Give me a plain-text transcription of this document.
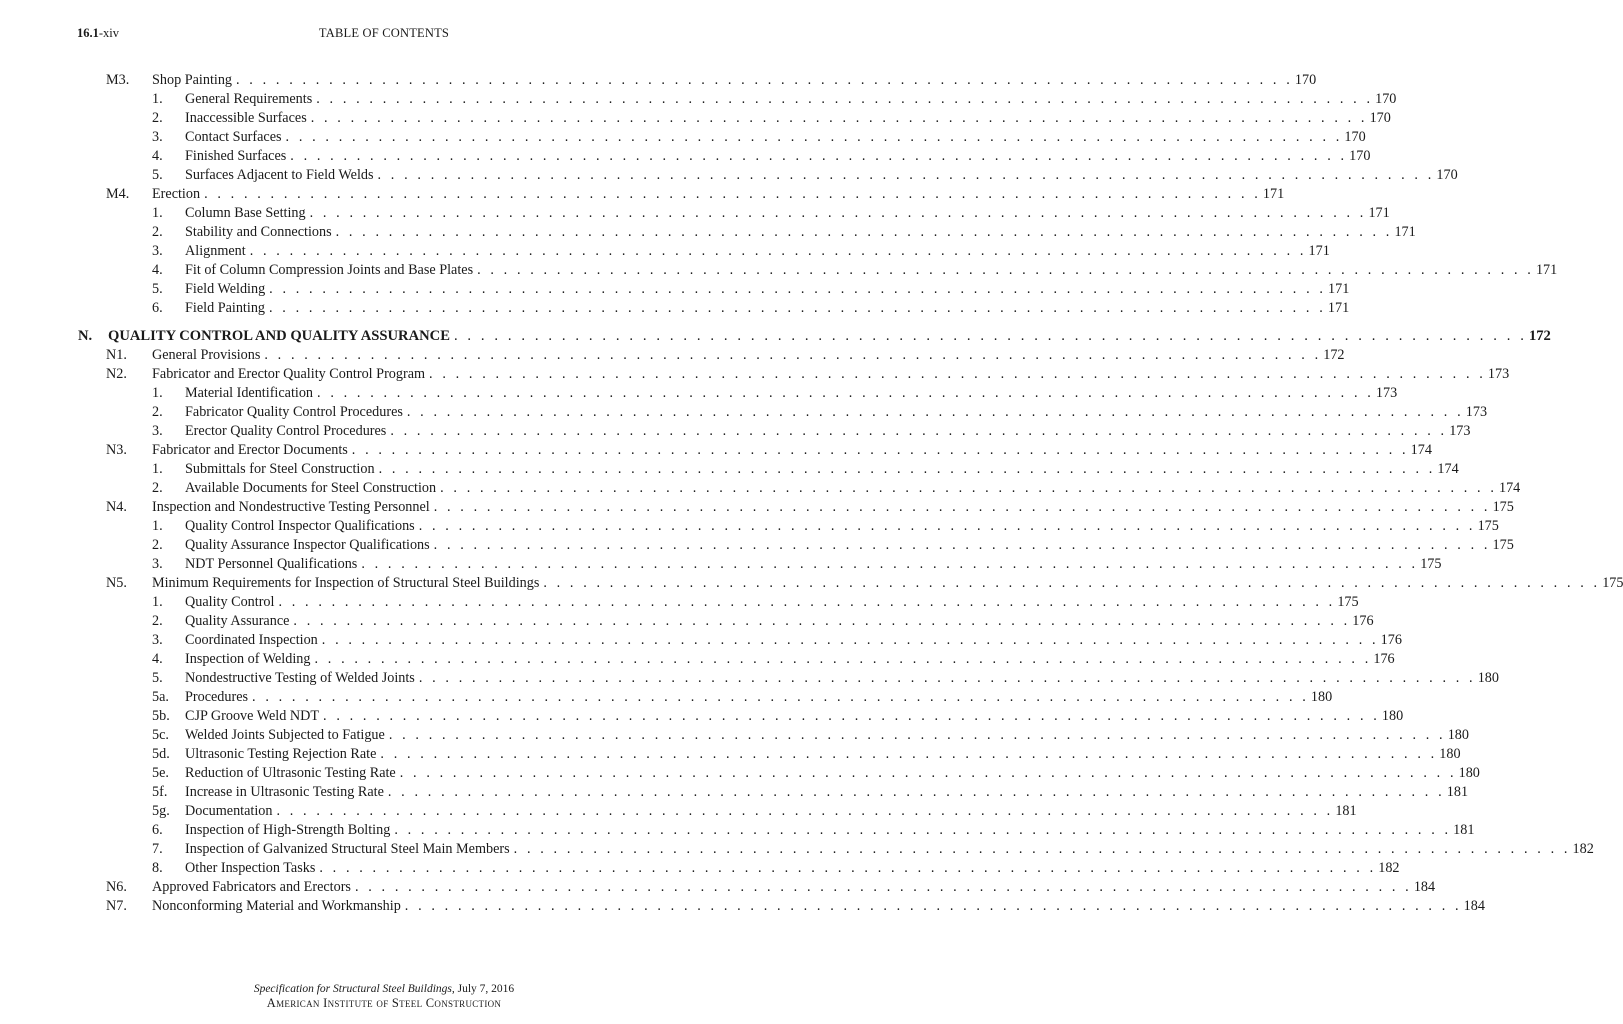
16.1-xiv	TABLE OF CONTENTS
M3. Shop Painting . . . . . . . . . . . . . . . . . . . . . . . . . . . . . . . . . . . . . . . . . . . . . . . . . . . . . . . . . . . . . . . . . . . . . . . . . . . . . . . . 170
1. General Requirements . . . . . . . . . . . . . . . . . . . . . . . . . . . . . . . . . . . . . . . . . . . . . . . . . . . . . . . . . . . . . . . . . . . . . . . . . . . . . . . . 170
2. Inaccessible Surfaces . . . . . . . . . . . . . . . . . . . . . . . . . . . . . . . . . . . . . . . . . . . . . . . . . . . . . . . . . . . . . . . . . . . . . . . . . . . . . . . . 170
3. Contact Surfaces . . . . . . . . . . . . . . . . . . . . . . . . . . . . . . . . . . . . . . . . . . . . . . . . . . . . . . . . . . . . . . . . . . . . . . . . . . . . . . . . 170
4. Finished Surfaces . . . . . . . . . . . . . . . . . . . . . . . . . . . . . . . . . . . . . . . . . . . . . . . . . . . . . . . . . . . . . . . . . . . . . . . . . . . . . . . . 170
5. Surfaces Adjacent to Field Welds . . . . . . . . . . . . . . . . . . . . . . . . . . . . . . . . . . . . . . . . . . . . . . . . . . . . . . . . . . . . . . . . . . . . . . . . . . . . . . . . 170
M4. Erection . . . . . . . . . . . . . . . . . . . . . . . . . . . . . . . . . . . . . . . . . . . . . . . . . . . . . . . . . . . . . . . . . . . . . . . . . . . . . . . . 171
1. Column Base Setting . . . . . . . . . . . . . . . . . . . . . . . . . . . . . . . . . . . . . . . . . . . . . . . . . . . . . . . . . . . . . . . . . . . . . . . . . . . . . . . . 171
2. Stability and Connections . . . . . . . . . . . . . . . . . . . . . . . . . . . . . . . . . . . . . . . . . . . . . . . . . . . . . . . . . . . . . . . . . . . . . . . . . . . . . . . . 171
3. Alignment . . . . . . . . . . . . . . . . . . . . . . . . . . . . . . . . . . . . . . . . . . . . . . . . . . . . . . . . . . . . . . . . . . . . . . . . . . . . . . . . 171
4. Fit of Column Compression Joints and Base Plates . . . . . . . . . . . . . . . . . . . . . . . . . . . . . . . . . . . . . . . . . . . . . . . . . . . . . . . . . . . . . . . . . . . . . . . . . . . . . . . . 171
5. Field Welding . . . . . . . . . . . . . . . . . . . . . . . . . . . . . . . . . . . . . . . . . . . . . . . . . . . . . . . . . . . . . . . . . . . . . . . . . . . . . . . . 171
6. Field Painting . . . . . . . . . . . . . . . . . . . . . . . . . . . . . . . . . . . . . . . . . . . . . . . . . . . . . . . . . . . . . . . . . . . . . . . . . . . . . . . . 171
N. QUALITY CONTROL AND QUALITY ASSURANCE . . . . . . . . . . . . . . . . . . . . . . . . . . . . . . . . . . . . . . . . . . . . . . . . . . . . . . . . . . . . . . . . . . . . . . . . . . . . . . . . 172
N1. General Provisions . . . . . . . . . . . . . . . . . . . . . . . . . . . . . . . . . . . . . . . . . . . . . . . . . . . . . . . . . . . . . . . . . . . . . . . . . . . . . . . . 172
N2. Fabricator and Erector Quality Control Program . . . . . . . . . . . . . . . . . . . . . . . . . . . . . . . . . . . . . . . . . . . . . . . . . . . . . . . . . . . . . . . . . . . . . . . . . . . . . . . . 173
1. Material Identification . . . . . . . . . . . . . . . . . . . . . . . . . . . . . . . . . . . . . . . . . . . . . . . . . . . . . . . . . . . . . . . . . . . . . . . . . . . . . . . . 173
2. Fabricator Quality Control Procedures . . . . . . . . . . . . . . . . . . . . . . . . . . . . . . . . . . . . . . . . . . . . . . . . . . . . . . . . . . . . . . . . . . . . . . . . . . . . . . . . 173
3. Erector Quality Control Procedures . . . . . . . . . . . . . . . . . . . . . . . . . . . . . . . . . . . . . . . . . . . . . . . . . . . . . . . . . . . . . . . . . . . . . . . . . . . . . . . . 173
N3. Fabricator and Erector Documents . . . . . . . . . . . . . . . . . . . . . . . . . . . . . . . . . . . . . . . . . . . . . . . . . . . . . . . . . . . . . . . . . . . . . . . . . . . . . . . . 174
1. Submittals for Steel Construction . . . . . . . . . . . . . . . . . . . . . . . . . . . . . . . . . . . . . . . . . . . . . . . . . . . . . . . . . . . . . . . . . . . . . . . . . . . . . . . . 174
2. Available Documents for Steel Construction . . . . . . . . . . . . . . . . . . . . . . . . . . . . . . . . . . . . . . . . . . . . . . . . . . . . . . . . . . . . . . . . . . . . . . . . . . . . . . . . 174
N4. Inspection and Nondestructive Testing Personnel . . . . . . . . . . . . . . . . . . . . . . . . . . . . . . . . . . . . . . . . . . . . . . . . . . . . . . . . . . . . . . . . . . . . . . . . . . . . . . . . 175
1. Quality Control Inspector Qualifications . . . . . . . . . . . . . . . . . . . . . . . . . . . . . . . . . . . . . . . . . . . . . . . . . . . . . . . . . . . . . . . . . . . . . . . . . . . . . . . . 175
2. Quality Assurance Inspector Qualifications . . . . . . . . . . . . . . . . . . . . . . . . . . . . . . . . . . . . . . . . . . . . . . . . . . . . . . . . . . . . . . . . . . . . . . . . . . . . . . . . 175
3. NDT Personnel Qualifications . . . . . . . . . . . . . . . . . . . . . . . . . . . . . . . . . . . . . . . . . . . . . . . . . . . . . . . . . . . . . . . . . . . . . . . . . . . . . . . . 175
N5. Minimum Requirements for Inspection of Structural Steel Buildings . . . . . . . . . . . . . . . . . . . . . . . . . . . . . . . . . . . . . . . . . . . . . . . . . . . . . . . . . . . . . . . . . . . . . . . . . . . . . . . . 175
1. Quality Control . . . . . . . . . . . . . . . . . . . . . . . . . . . . . . . . . . . . . . . . . . . . . . . . . . . . . . . . . . . . . . . . . . . . . . . . . . . . . . . . 175
2. Quality Assurance . . . . . . . . . . . . . . . . . . . . . . . . . . . . . . . . . . . . . . . . . . . . . . . . . . . . . . . . . . . . . . . . . . . . . . . . . . . . . . . . 176
3. Coordinated Inspection . . . . . . . . . . . . . . . . . . . . . . . . . . . . . . . . . . . . . . . . . . . . . . . . . . . . . . . . . . . . . . . . . . . . . . . . . . . . . . . . 176
4. Inspection of Welding . . . . . . . . . . . . . . . . . . . . . . . . . . . . . . . . . . . . . . . . . . . . . . . . . . . . . . . . . . . . . . . . . . . . . . . . . . . . . . . . 176
5. Nondestructive Testing of Welded Joints . . . . . . . . . . . . . . . . . . . . . . . . . . . . . . . . . . . . . . . . . . . . . . . . . . . . . . . . . . . . . . . . . . . . . . . . . . . . . . . . 180
5a. Procedures . . . . . . . . . . . . . . . . . . . . . . . . . . . . . . . . . . . . . . . . . . . . . . . . . . . . . . . . . . . . . . . . . . . . . . . . . . . . . . . . 180
5b. CJP Groove Weld NDT . . . . . . . . . . . . . . . . . . . . . . . . . . . . . . . . . . . . . . . . . . . . . . . . . . . . . . . . . . . . . . . . . . . . . . . . . . . . . . . . 180
5c. Welded Joints Subjected to Fatigue . . . . . . . . . . . . . . . . . . . . . . . . . . . . . . . . . . . . . . . . . . . . . . . . . . . . . . . . . . . . . . . . . . . . . . . . . . . . . . . . 180
5d. Ultrasonic Testing Rejection Rate . . . . . . . . . . . . . . . . . . . . . . . . . . . . . . . . . . . . . . . . . . . . . . . . . . . . . . . . . . . . . . . . . . . . . . . . . . . . . . . . 180
5e. Reduction of Ultrasonic Testing Rate . . . . . . . . . . . . . . . . . . . . . . . . . . . . . . . . . . . . . . . . . . . . . . . . . . . . . . . . . . . . . . . . . . . . . . . . . . . . . . . . 180
5f. Increase in Ultrasonic Testing Rate . . . . . . . . . . . . . . . . . . . . . . . . . . . . . . . . . . . . . . . . . . . . . . . . . . . . . . . . . . . . . . . . . . . . . . . . . . . . . . . . 181
5g. Documentation . . . . . . . . . . . . . . . . . . . . . . . . . . . . . . . . . . . . . . . . . . . . . . . . . . . . . . . . . . . . . . . . . . . . . . . . . . . . . . . . 181
6. Inspection of High-Strength Bolting . . . . . . . . . . . . . . . . . . . . . . . . . . . . . . . . . . . . . . . . . . . . . . . . . . . . . . . . . . . . . . . . . . . . . . . . . . . . . . . . 181
7. Inspection of Galvanized Structural Steel Main Members . . . . . . . . . . . . . . . . . . . . . . . . . . . . . . . . . . . . . . . . . . . . . . . . . . . . . . . . . . . . . . . . . . . . . . . . . . . . . . . . 182
8. Other Inspection Tasks . . . . . . . . . . . . . . . . . . . . . . . . . . . . . . . . . . . . . . . . . . . . . . . . . . . . . . . . . . . . . . . . . . . . . . . . . . . . . . . . 182
N6. Approved Fabricators and Erectors . . . . . . . . . . . . . . . . . . . . . . . . . . . . . . . . . . . . . . . . . . . . . . . . . . . . . . . . . . . . . . . . . . . . . . . . . . . . . . . . 184
N7. Nonconforming Material and Workmanship . . . . . . . . . . . . . . . . . . . . . . . . . . . . . . . . . . . . . . . . . . . . . . . . . . . . . . . . . . . . . . . . . . . . . . . . . . . . . . . . 184
Specification for Structural Steel Buildings, July 7, 2016
American Institute of Steel Construction
